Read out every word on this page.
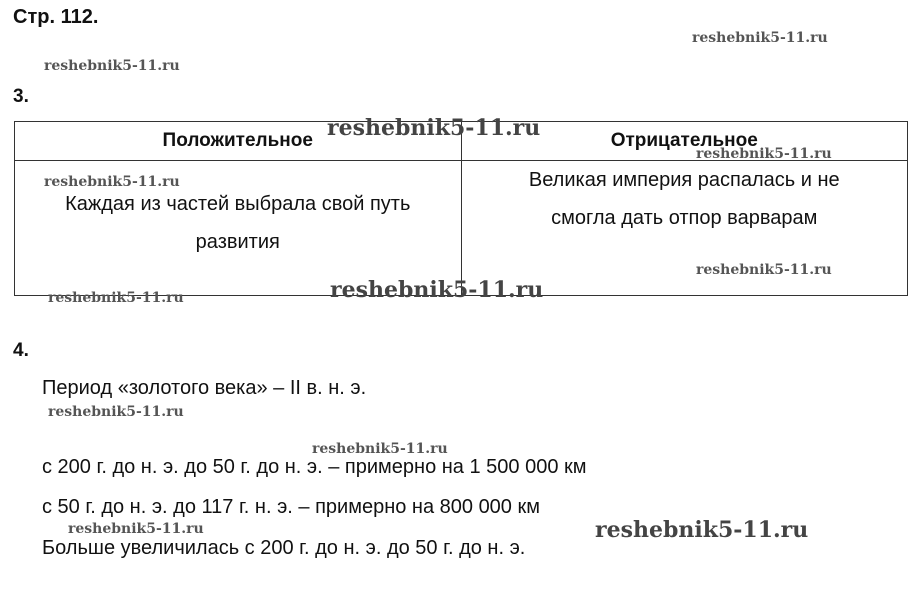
Стр. 112.
3.
Положительное	Отрицательное

Каждая из частей выбрала свой путь развития	Великая империя распалась и не смогла дать отпор варварам
4.
Период «золотого века» – II в. н. э.
с 200 г. до н. э. до 50 г. до н. э. – примерно на 1 500 000 км
с 50 г. до н. э. до 117 г. н. э. – примерно на 800 000 км
Больше увеличилась с 200 г. до н. э. до 50 г. до н. э.
reshebnik5-11.ru
reshebnik5-11.ru
reshebnik5-11.ru
reshebnik5-11.ru
reshebnik5-11.ru
reshebnik5-11.ru
reshebnik5-11.ru
reshebnik5-11.ru
reshebnik5-11.ru
reshebnik5-11.ru
reshebnik5-11.ru	reshebnik5-11.ru
